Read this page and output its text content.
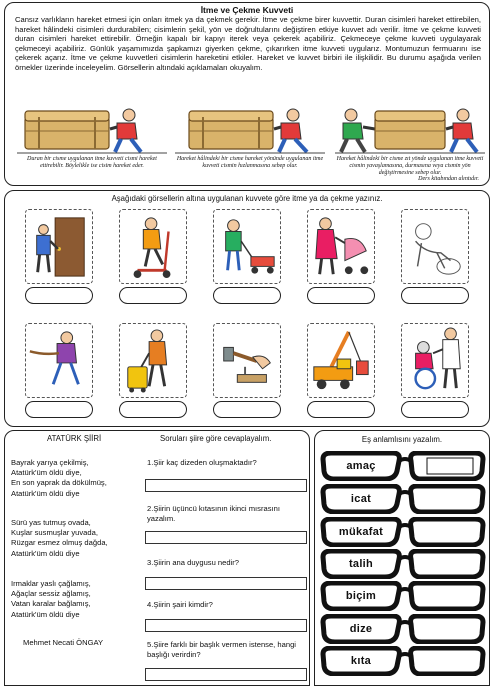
İtme ve Çekme Kuvveti
Cansız varlıkların hareket etmesi için onları itmek ya da çekmek gerekir. İtme ve çekme birer kuvvettir. Duran cisimleri hareket ettirebilen, hareket hâlindeki cisimleri durdurabilen; cisimlerin şekil, yön ve doğrultularını değiştiren etkiye kuvvet adı verilir. İtme ve çekme kuvveti duran cisimleri hareket ettirebilir. Örneğin kapalı bir kapıyı iterek veya çekerek açabiliriz. Çekmeceye çekme kuvveti uygulayarak çekmeceyi açabiliriz. Günlük yaşamımızda şapkamızı giyerken çekme, çıkarırken itme kuvveti uygularız. Montumuzun fermuarını ise çekerek açarız. İtme ve çekme kuvvetleri cisimlerin hareketini etkiler. Hareket ve kuvvet birbiri ile ilişkilidir. Bu durumu aşağıda verilen örnekler üzerinde inceleyelim. Görsellerin altındaki açıklamaları okuyalım.
Duran bir cisme uygulanan itme kuvveti cismi hareket ettirebilir. Böylelikle ise cisim hareket eder.
Hareket hâlindeki bir cisme hareket yönünde uygulanan itme kuvveti cismin hızlanmasına sebep olur.
Hareket hâlindeki bir cisme zıt yönde uygulanan itme kuvveti cismin yavaşlamasına, durmasına veya cismin yön değiştirmesine sebep olur.
Ders kitabından alıntıdır.
Aşağıdaki görsellerin altına uygulanan kuvvete göre itme ya da çekme yazınız.
ATATÜRK ŞİİRİ	Soruları şiire göre cevaplayalım.
Bayrak yarıya çekilmiş,
Atatürk'üm öldü diye,
En son yaprak da dökülmüş,
Atatürk'üm öldü diye
Sürü yas tutmuş ovada,
Kuşlar susmuşlar yuvada,
Rüzgar esmez olmuş dağda,
Atatürk'üm öldü diye
Irmaklar yaslı çağlamış,
Ağaçlar sessiz ağlamış,
Vatan karalar bağlamış,
Atatürk'üm öldü diye
Mehmet Necati ÖNGAY
1.Şiir kaç dizeden oluşmaktadır?
2.Şiirin üçüncü kıtasının ikinci mısrasını yazalım.
3.Şiirin ana duygusu nedir?
4.Şiirin şairi kimdir?
5.Şiire farklı bir başlık vermen istense, hangi başlığı verirdin?
Eş anlamlısını yazalım.
amaç
icat
mükafat
talih
biçim
dize
kıta
